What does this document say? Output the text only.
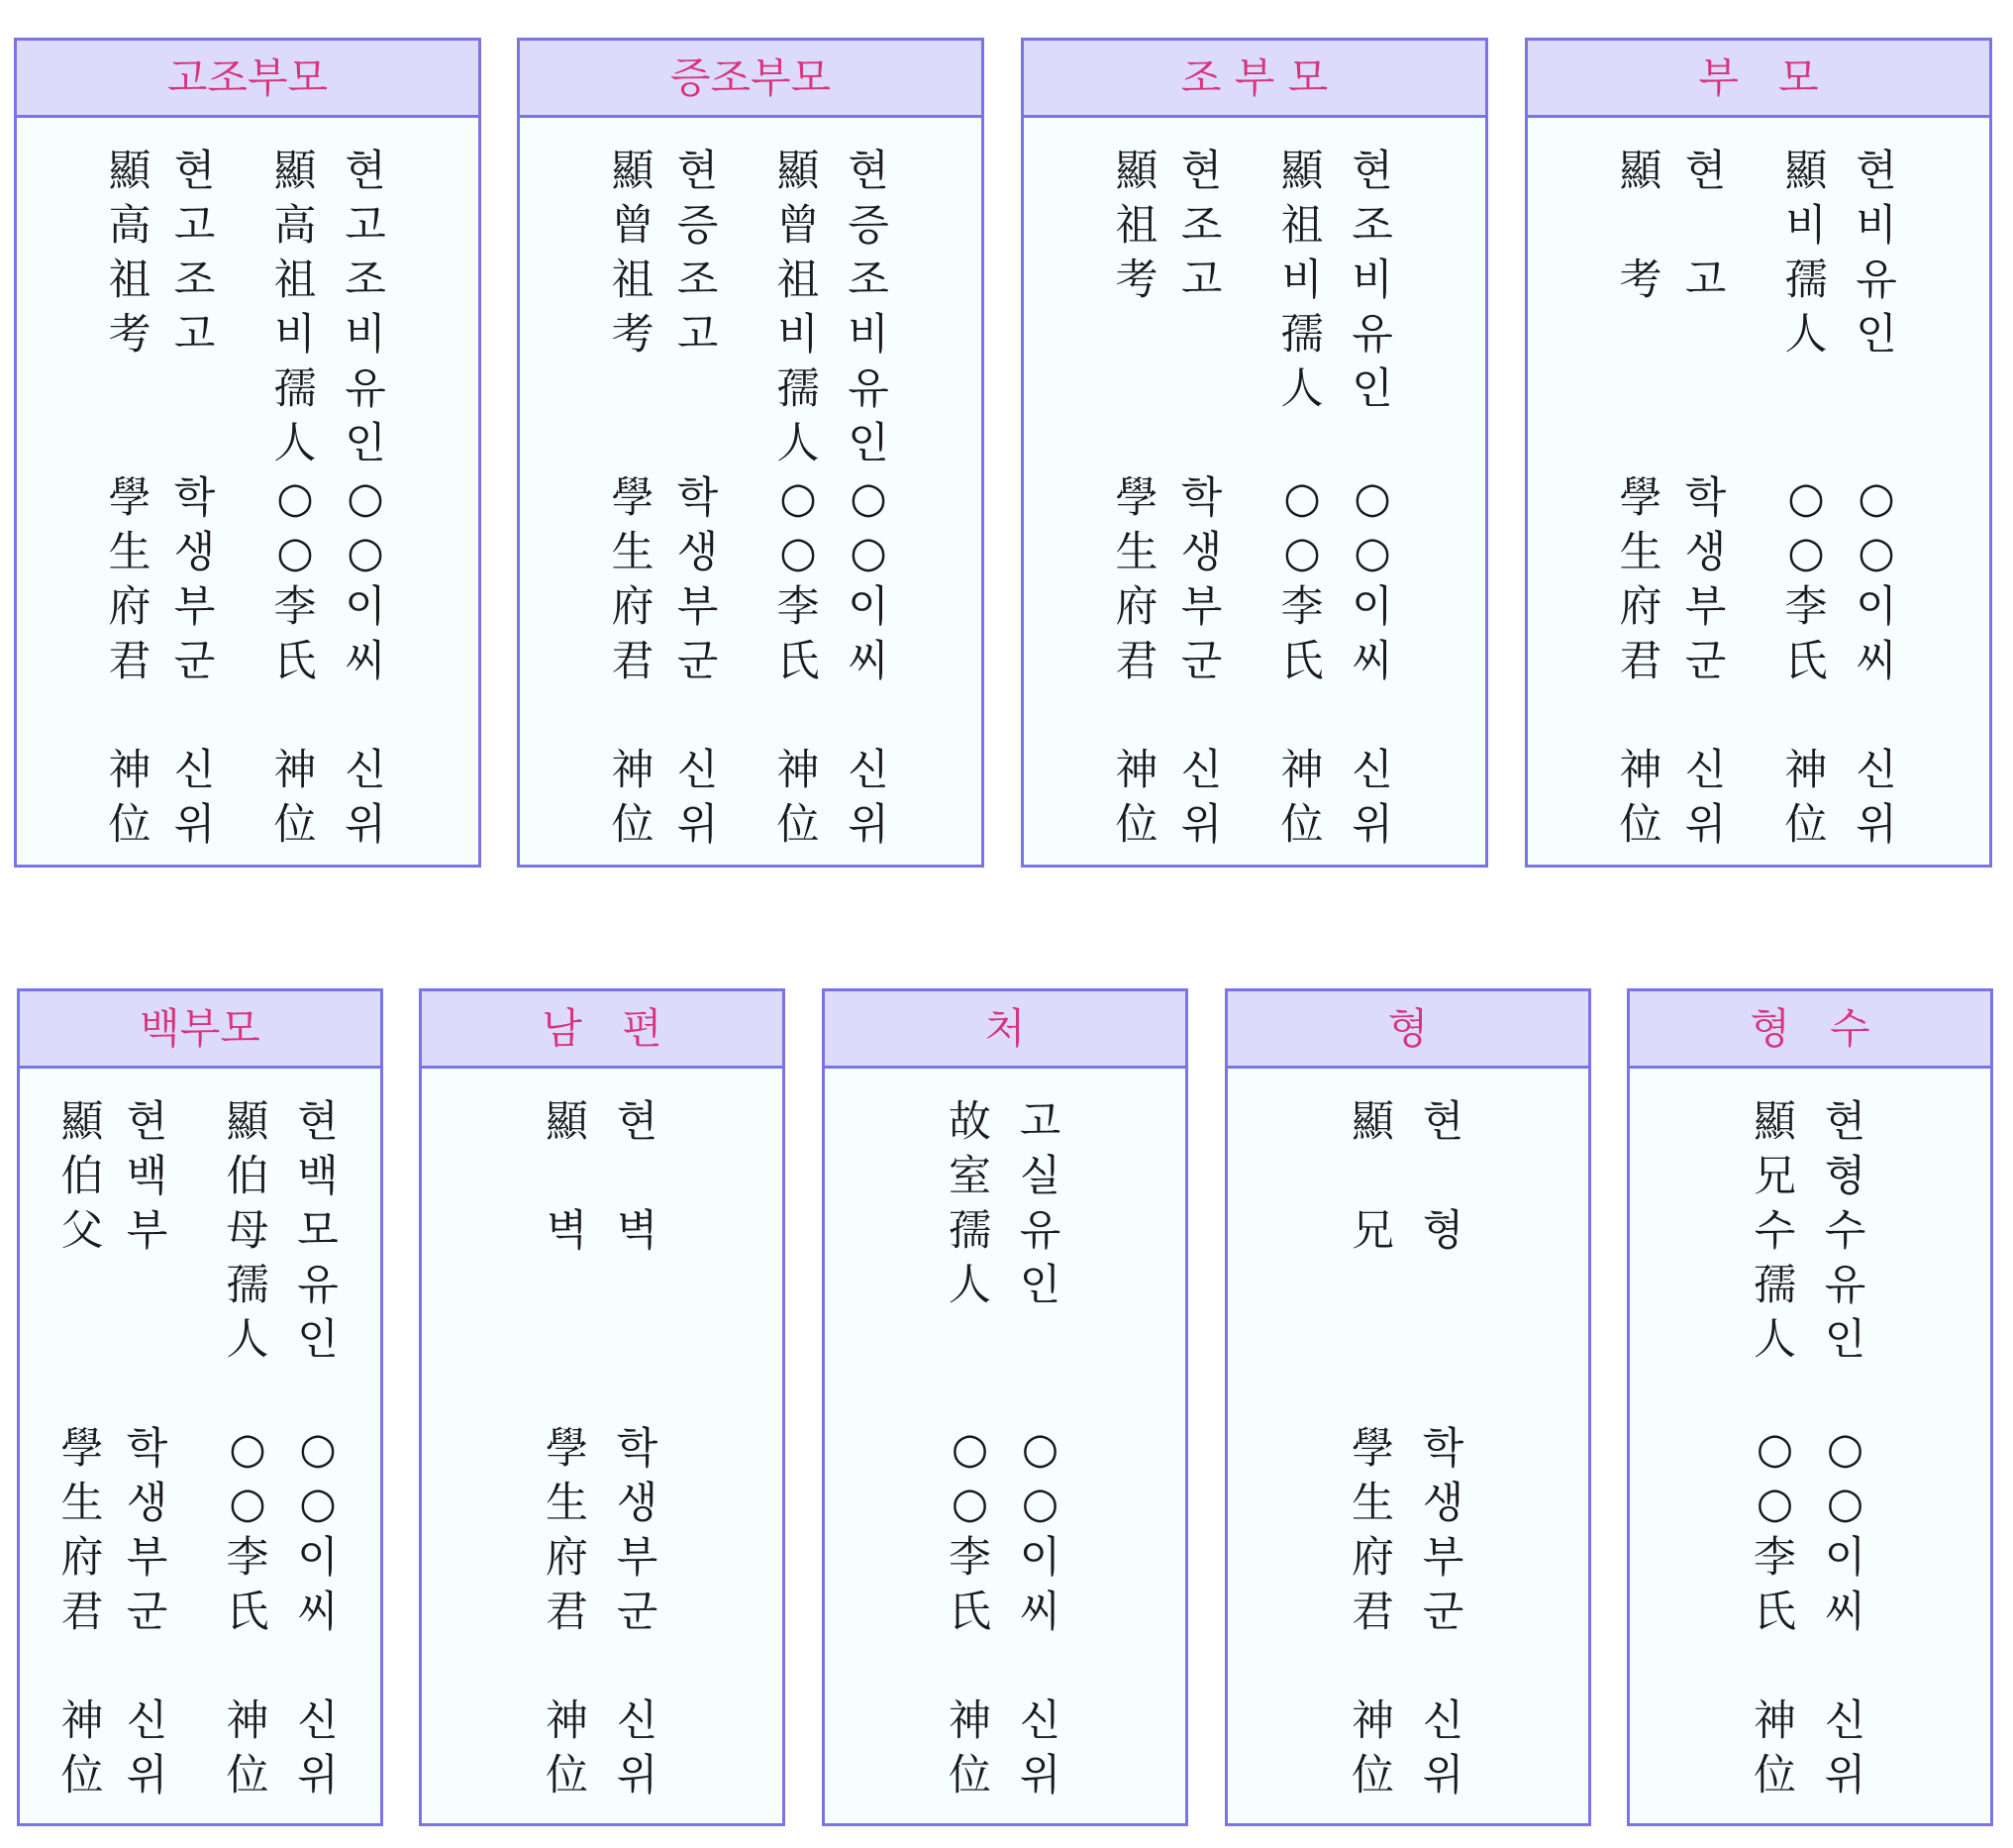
고조부모
顯 현 顯 현
高 고 高 고
祖 조 祖 조
考 고 비 비
孺 유
人 인
學 학 ○ ○
生 생 ○ ○
府 부 李 이
君 군 氏 씨

神 신 神 신
位 위 位 위
증조부모
顯 현 顯 현
曾 증 曾 증
祖 조 祖 조
考 고 비 비
孺 유
人 인
學 학 ○ ○
生 생 ○ ○
府 부 李 이
君 군 氏 씨

神 신 神 신
位 위 位 위
조 부 모
顯 현 顯 현
祖 조 祖 조
考 고 비 비
孺 유
人 인

學 학 ○ ○
生 생 ○ ○
府 부 李 이
君 군 氏 씨

神 신 神 신
位 위 位 위
부   모
顯 현 顯 현
비 비
考 고 孺 유
人 인

學 학 ○ ○
生 생 ○ ○
府 부 李 이
君 군 氏 씨

神 신 神 신
位 위 位 위
백부모
顯 현 顯 현
伯 백 伯 백
父 부 母 모
孺 유
人 인

學 학 ○ ○
生 생 ○ ○
府 부 李 이
君 군 氏 씨

神 신 神 신
位 위 位 위
남   편
顯 현

벽 벽

學 학
生 생
府 부
君 군

神 신
位 위
처
故 고
室 실
孺 유
人 인

○ ○
○ ○
李 이
氏 씨

神 신
位 위
형
顯 현

兄 형

學 학
生 생
府 부
君 군

神 신
位 위
형   수
顯 현
兄 형
수 수
孺 유
人 인

○ ○
○ ○
李 이
氏 씨

神 신
位 위
